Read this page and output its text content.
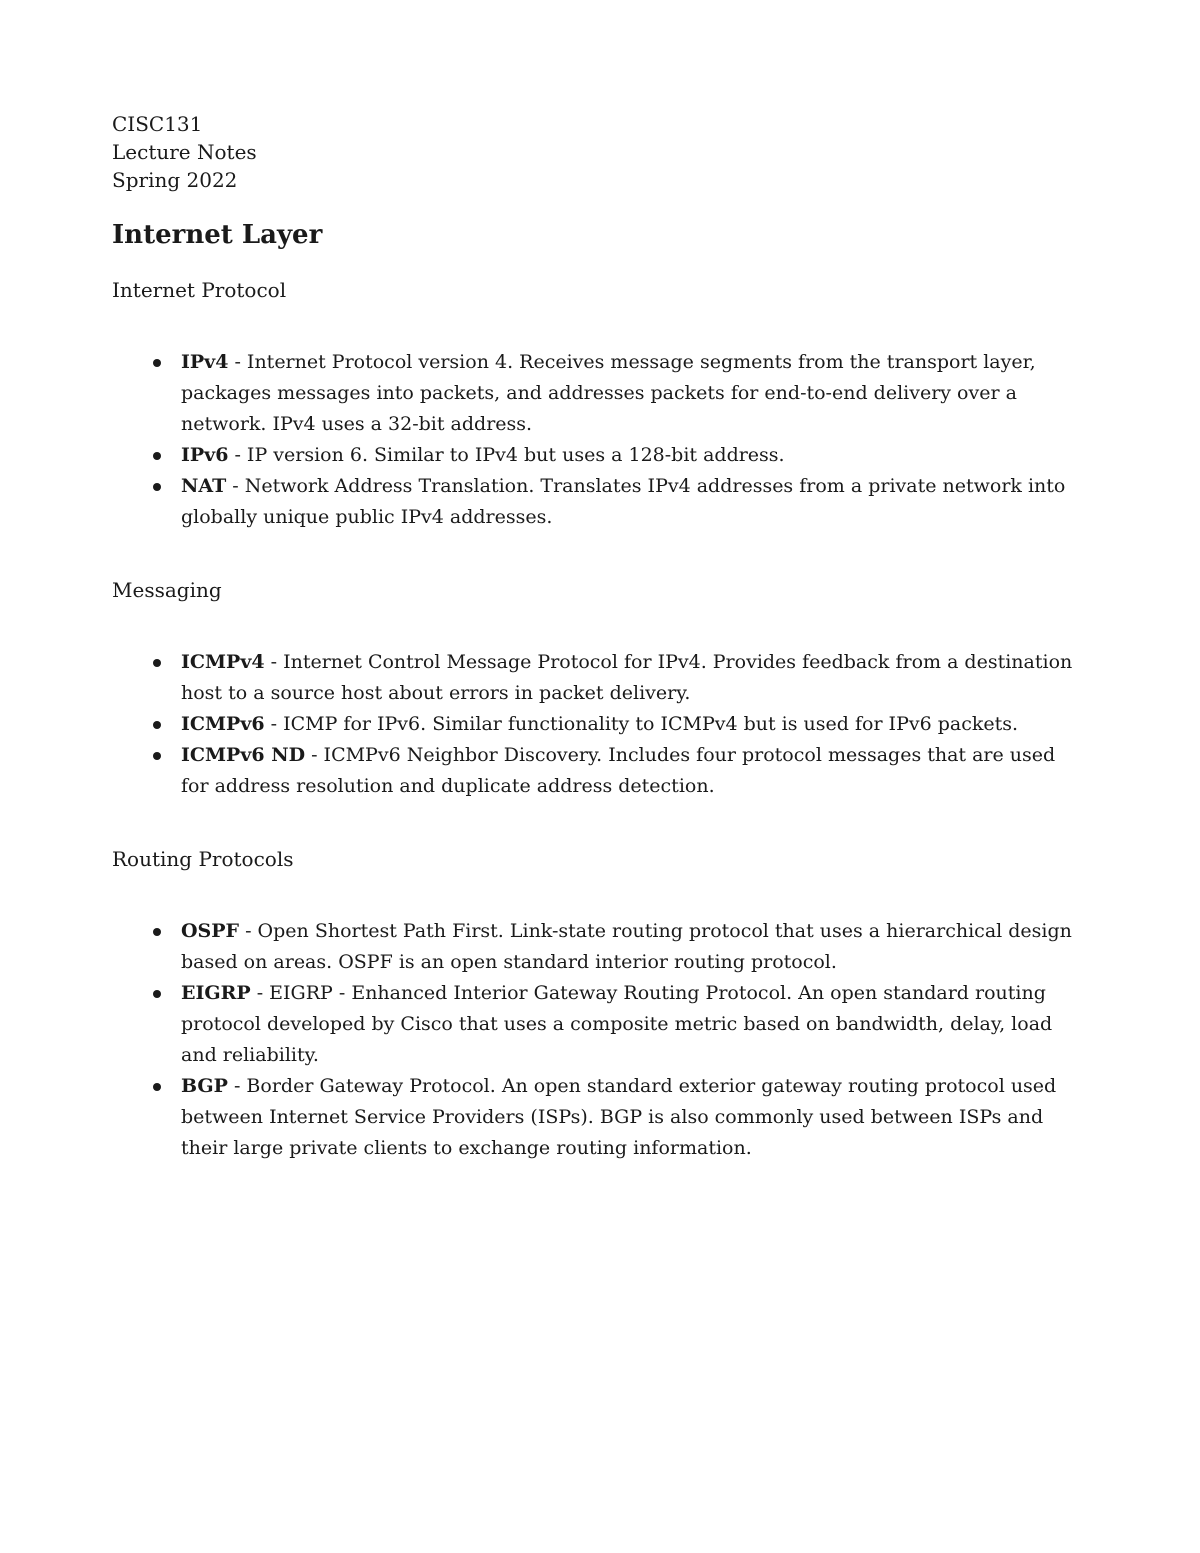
CISC131

Lecture Notes

Spring 2022

Internet Layer

Internet Protocol

IPv4 - Internet Protocol version 4. Receives message segments from the transport layer, packages messages into packets, and addresses packets for end-to-end delivery over a network. IPv4 uses a 32-bit address.
IPv6 - IP version 6. Similar to IPv4 but uses a 128-bit address.
NAT - Network Address Translation. Translates IPv4 addresses from a private network into globally unique public IPv4 addresses.

Messaging

ICMPv4 - Internet Control Message Protocol for IPv4. Provides feedback from a destination host to a source host about errors in packet delivery.
ICMPv6 - ICMP for IPv6. Similar functionality to ICMPv4 but is used for IPv6 packets.
ICMPv6 ND - ICMPv6 Neighbor Discovery. Includes four protocol messages that are used for address resolution and duplicate address detection.

Routing Protocols

OSPF - Open Shortest Path First. Link-state routing protocol that uses a hierarchical design based on areas. OSPF is an open standard interior routing protocol.
EIGRP - EIGRP - Enhanced Interior Gateway Routing Protocol. An open standard routing protocol developed by Cisco that uses a composite metric based on bandwidth, delay, load and reliability.
BGP - Border Gateway Protocol. An open standard exterior gateway routing protocol used between Internet Service Providers (ISPs). BGP is also commonly used between ISPs and their large private clients to exchange routing information.
